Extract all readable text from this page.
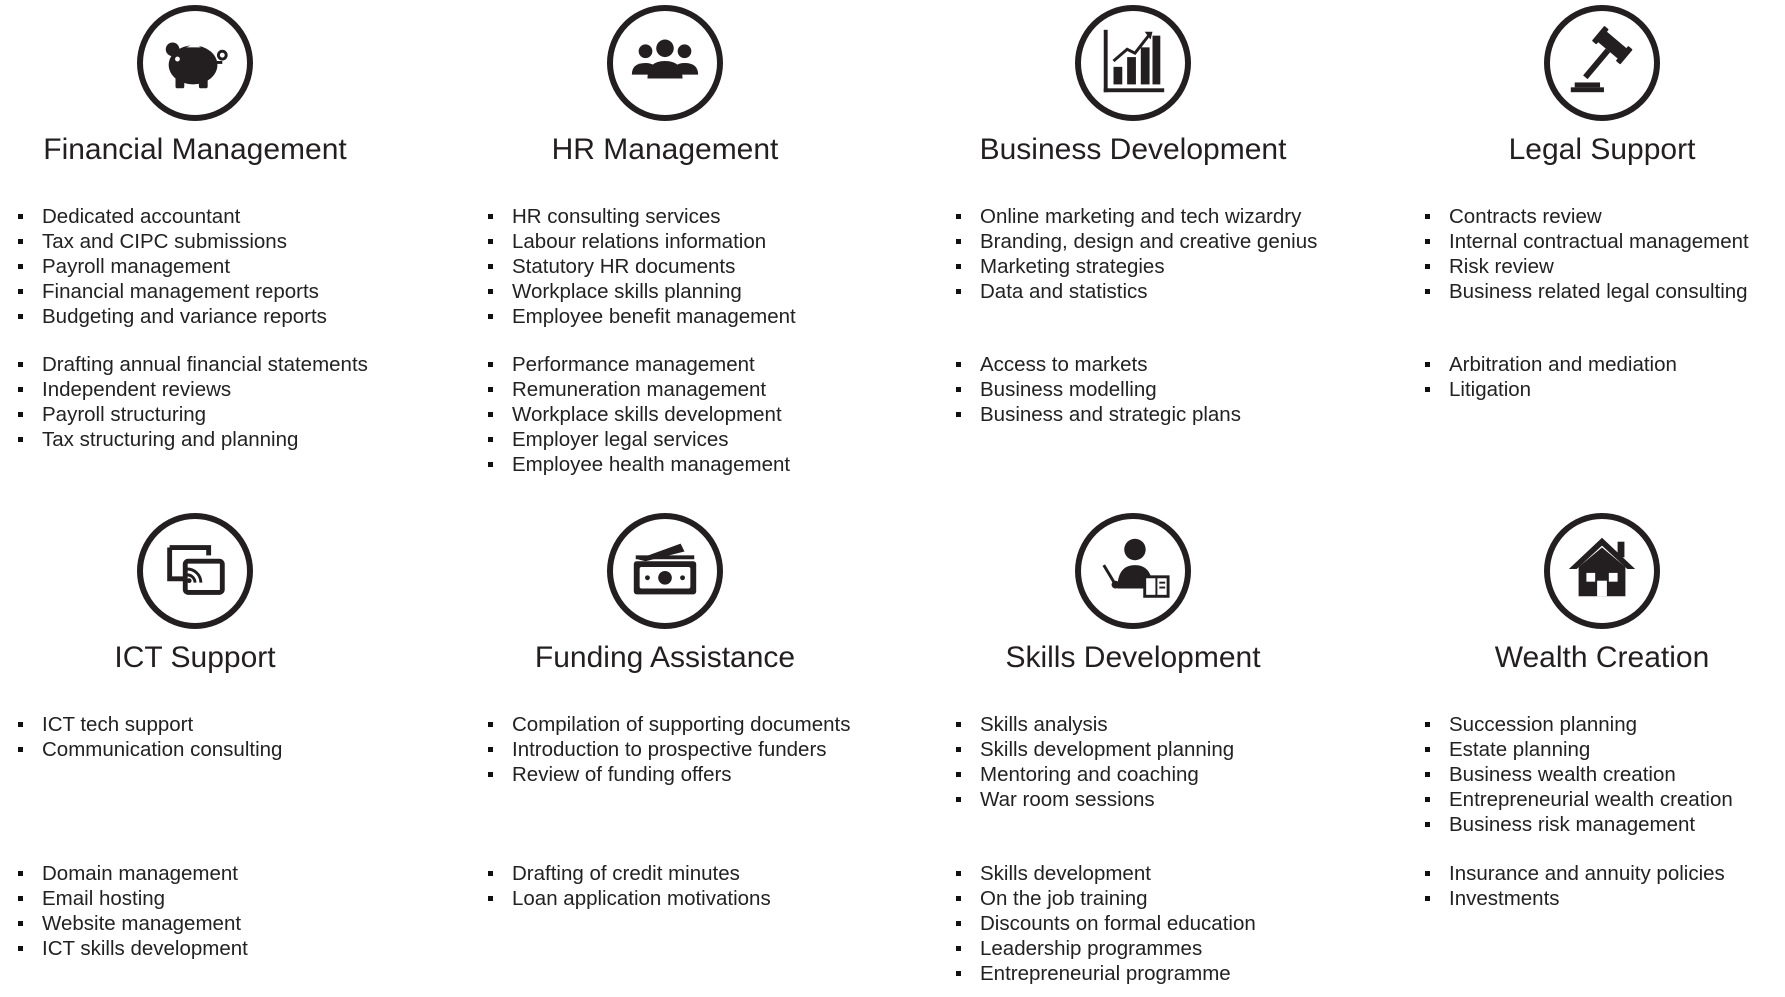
Financial Management
Dedicated accountant
Tax and CIPC submissions
Payroll management
Financial management reports
Budgeting and variance reports
Drafting annual financial statements
Independent reviews
Payroll structuring
Tax structuring and planning
HR Management
HR consulting services
Labour relations information
Statutory HR documents
Workplace skills planning
Employee benefit management
Performance management
Remuneration management
Workplace skills development
Employer legal services
Employee health management
Business Development
Online marketing and tech wizardry
Branding, design and creative genius
Marketing strategies
Data and statistics
Access to markets
Business modelling
Business and strategic plans
Legal Support
Contracts review
Internal contractual management
Risk review
Business related legal consulting
Arbitration and mediation
Litigation
ICT Support
ICT tech support
Communication consulting
Domain management
Email hosting
Website management
ICT skills development
Funding Assistance
Compilation of supporting documents
Introduction to prospective funders
Review of funding offers
Drafting of credit minutes
Loan application motivations
Skills Development
Skills analysis
Skills development planning
Mentoring and coaching
War room sessions
Skills development
On the job training
Discounts on formal education
Leadership programmes
Entrepreneurial programme
Wealth Creation
Succession planning
Estate planning
Business wealth creation
Entrepreneurial wealth creation
Business risk management
Insurance and annuity policies
Investments
